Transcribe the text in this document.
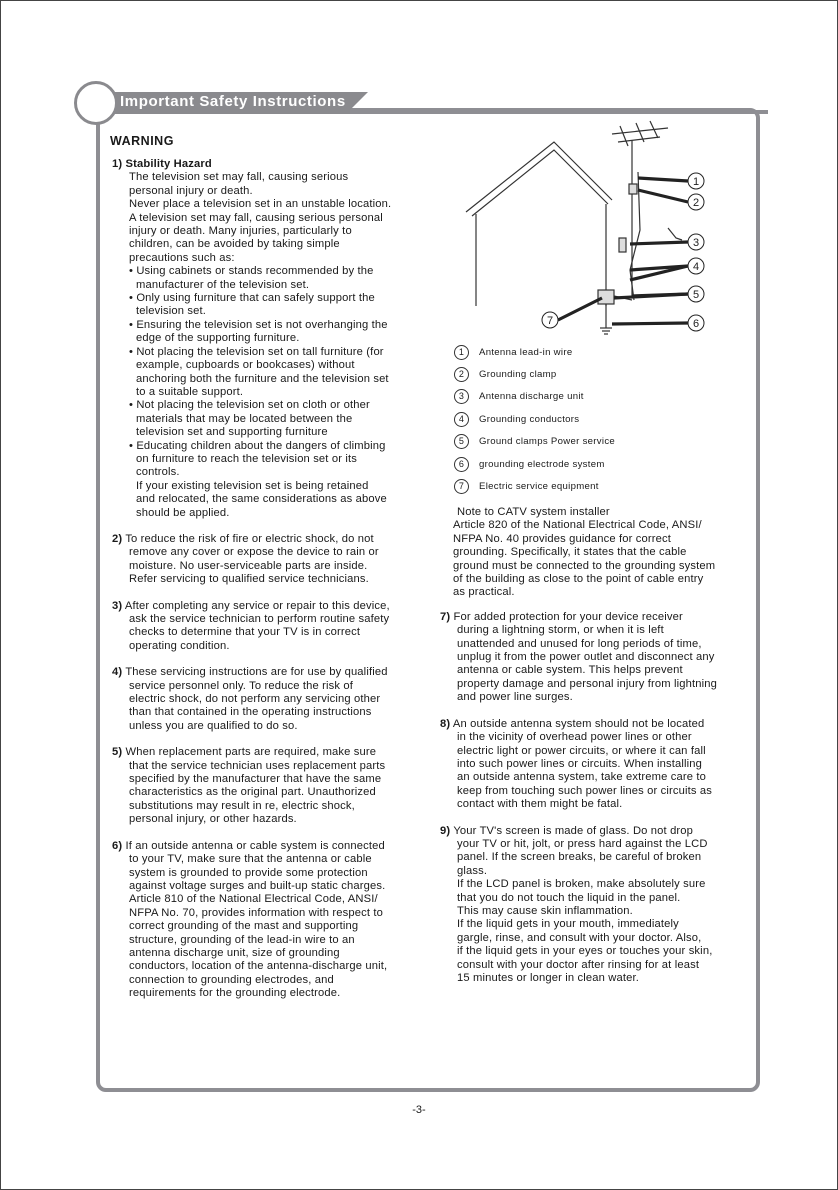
Important Safety Instructions
WARNING
1) Stability Hazard
The television set may fall, causing serious
personal injury or death.
Never place a television set in an unstable location.
A television set may fall, causing serious personal
injury or death. Many injuries, particularly to
children, can be avoided by taking simple
precautions such as:
• Using cabinets or stands recommended by the
manufacturer of the television set.
• Only using furniture that can safely support the
television set.
• Ensuring the television set is not overhanging the
edge of the supporting furniture.
• Not placing the television set on tall furniture (for
example, cupboards or bookcases) without
anchoring both the furniture and the television set
to a suitable support.
• Not placing the television set on cloth or other
materials that may be located between the
television set and supporting furniture
• Educating children about the dangers of climbing
on furniture to reach the television set or its
controls.
If your existing television set is being retained
and relocated, the same considerations as above
should be applied.
2) To reduce the risk of fire or electric shock, do not
remove any cover or expose the device to rain or
moisture. No user-serviceable parts are inside.
Refer servicing to qualified service technicians.
3) After completing any service or repair to this device,
ask the service technician to perform routine safety
checks to determine that your TV is in correct
operating condition.
4) These servicing instructions are for use by qualified
service personnel only. To reduce the risk of
electric shock, do not perform any servicing other
than that contained in the operating instructions
unless you are qualified to do so.
5) When replacement parts are required, make sure
that the service technician uses replacement parts
specified by the manufacturer that have the same
characteristics as the original part. Unauthorized
substitutions may result in re, electric shock,
personal injury, or other hazards.
6) If an outside antenna or cable system is connected
to your TV, make sure that the antenna or cable
system is grounded to provide some protection
against voltage surges and built-up static charges.
Article 810 of the National Electrical Code, ANSI/
NFPA No. 70, provides information with respect to
correct grounding of the mast and supporting
structure, grounding of the lead-in wire to an
antenna discharge unit, size of grounding
conductors, location of the antenna-discharge unit,
connection to grounding electrodes, and
requirements for the grounding electrode.
1
2
3
4
5
6
7
1	Antenna lead-in wire
2	Grounding clamp
3	Antenna discharge unit
4	Grounding conductors
5	Ground clamps Power service
6	grounding electrode system
7	Electric service equipment
Note to CATV system installer
Article 820 of the National Electrical Code, ANSI/
NFPA No. 40 provides guidance for correct
grounding. Specifically, it states that the cable
ground must be connected to the grounding system
of the building as close to the point of cable entry
as practical.
7) For added protection for your device receiver
during a lightning storm, or when it is left
unattended and unused for long periods of time,
unplug it from the power outlet and disconnect any
antenna or cable system. This helps prevent
property damage and personal injury from lightning
and power line surges.
8) An outside antenna system should not be located
in the vicinity of overhead power lines or other
electric light or power circuits, or where it can fall
into such power lines or circuits. When installing
an outside antenna system, take extreme care to
keep from touching such power lines or circuits as
contact with them might be fatal.
9) Your TV's screen is made of glass. Do not drop
your TV or hit, jolt, or press hard against the LCD
panel. If the screen breaks, be careful of broken
glass.
If the LCD panel is broken, make absolutely sure
that you do not touch the liquid in the panel.
This may cause skin inflammation.
If the liquid gets in your mouth, immediately
gargle, rinse, and consult with your doctor. Also,
if the liquid gets in your eyes or touches your skin,
consult with your doctor after rinsing for at least
15 minutes or longer in clean water.
-3-
